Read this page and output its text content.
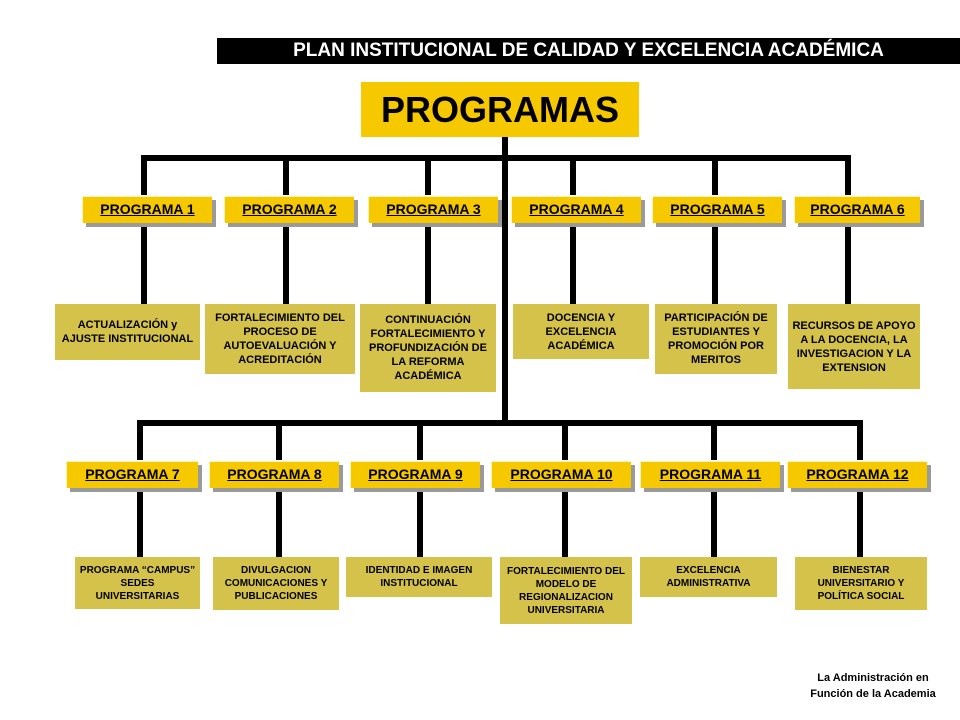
PLAN INSTITUCIONAL DE CALIDAD Y EXCELENCIA ACADÉMICA
PROGRAMAS
PROGRAMA 1	PROGRAMA 2	PROGRAMA 3	PROGRAMA 4	PROGRAMA 5	PROGRAMA 6
ACTUALIZACIÓN y AJUSTE INSTITUCIONAL
FORTALECIMIENTO DEL PROCESO DE AUTOEVALUACIÓN Y ACREDITACIÓN
CONTINUACIÓN FORTALECIMIENTO Y PROFUNDIZACIÓN DE LA REFORMA ACADÉMICA
DOCENCIA Y EXCELENCIA ACADÉMICA
PARTICIPACIÓN DE ESTUDIANTES Y PROMOCIÓN POR MERITOS
RECURSOS DE APOYO A LA DOCENCIA, LA INVESTIGACION Y LA EXTENSION
PROGRAMA 7	PROGRAMA 8	PROGRAMA 9	PROGRAMA 10	PROGRAMA 11	PROGRAMA 12
PROGRAMA “CAMPUS” SEDES UNIVERSITARIAS
DIVULGACION COMUNICACIONES Y PUBLICACIONES
IDENTIDAD E IMAGEN INSTITUCIONAL
FORTALECIMIENTO DEL MODELO DE REGIONALIZACION UNIVERSITARIA
EXCELENCIA ADMINISTRATIVA
BIENESTAR UNIVERSITARIO Y POLÍTICA SOCIAL
La Administración en Función de la Academia
